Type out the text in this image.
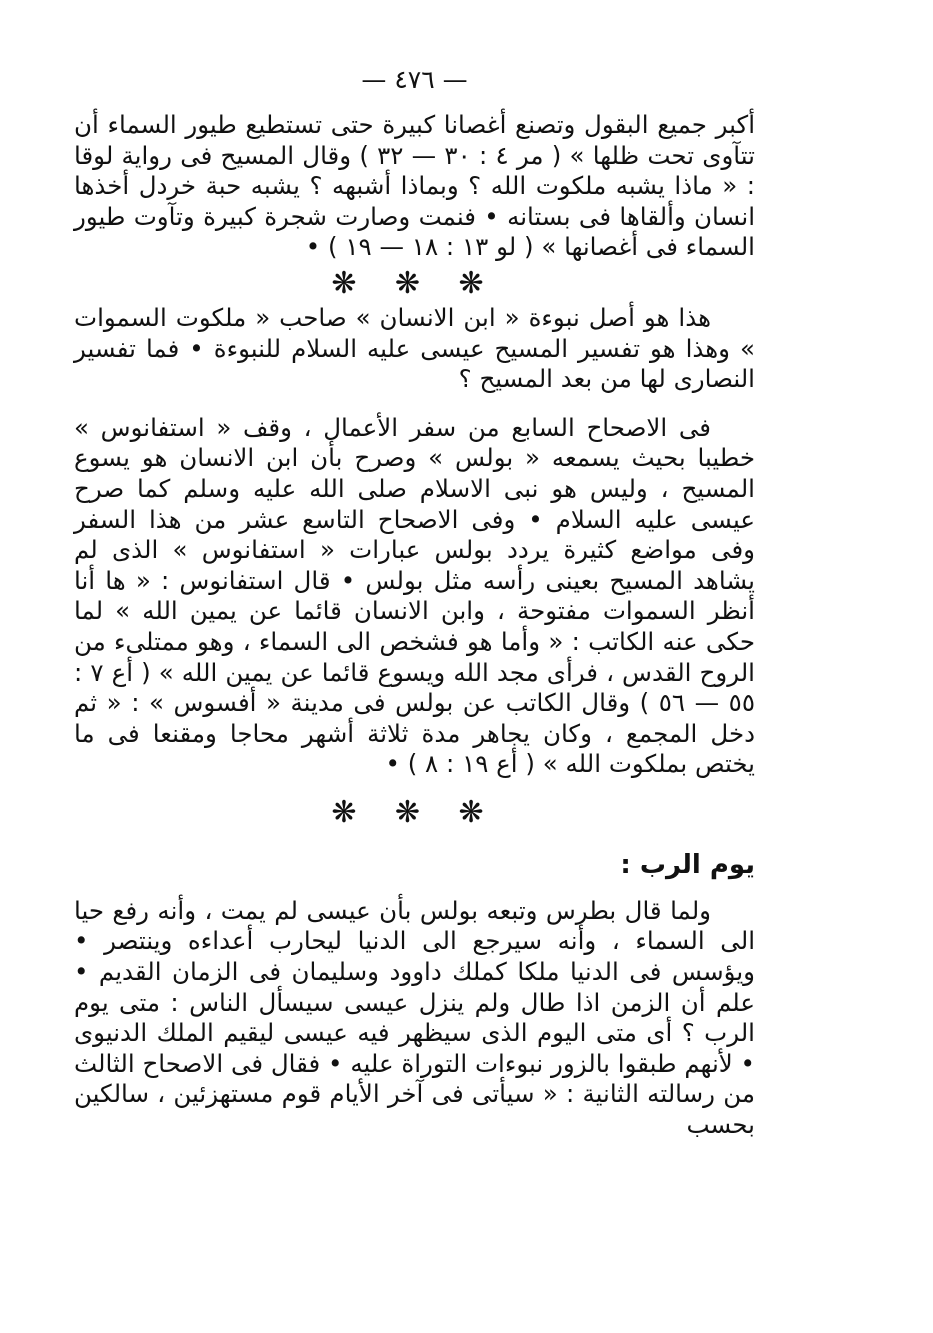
— ٤٧٦ —

أكبر جميع البقول وتصنع أغصانا كبيرة حتى تستطيع طيور السماء أن تتآوى تحت ظلها » ( مر ٤ : ٣٠ — ٣٢ ) وقال المسيح فى رواية لوقا : « ماذا يشبه ملكوت الله ؟ وبماذا أشبهه ؟ يشبه حبة خردل أخذها انسان وألقاها فى بستانه • فنمت وصارت شجرة كبيرة وتآوت طيور السماء فى أغصانها » ( لو ١٣ : ١٨ — ١٩ ) •

❋ ❋ ❋

هذا هو أصل نبوءة « ابن الانسان » صاحب « ملكوت السموات » وهذا هو تفسير المسيح عيسى عليه السلام للنبوءة • فما تفسير النصارى لها من بعد المسيح ؟

فى الاصحاح السابع من سفر الأعمال ، وقف « استفانوس » خطيبا بحيث يسمعه « بولس » وصرح بأن ابن الانسان هو يسوع المسيح ، وليس هو نبى الاسلام صلى الله عليه وسلم كما صرح عيسى عليه السلام • وفى الاصحاح التاسع عشر من هذا السفر وفى مواضع كثيرة يردد بولس عبارات « استفانوس » الذى لم يشاهد المسيح بعينى رأسه مثل بولس • قال استفانوس : « ها أنا أنظر السموات مفتوحة ، وابن الانسان قائما عن يمين الله » لما حكى عنه الكاتب : « وأما هو فشخص الى السماء ، وهو ممتلىء من الروح القدس ، فرأى مجد الله ويسوع قائما عن يمين الله » ( أع ٧ : ٥٥ — ٥٦ ) وقال الكاتب عن بولس فى مدينة « أفسوس » : « ثم دخل المجمع ، وكان يجاهر مدة ثلاثة أشهر محاجا ومقنعا فى ما يختص بملكوت الله » ( أع ١٩ : ٨ ) •

❋ ❋ ❋
يوم الرب :

ولما قال بطرس وتبعه بولس بأن عيسى لم يمت ، وأنه رفع حيا الى السماء ، وأنه سيرجع الى الدنيا ليحارب أعداءه وينتصر • ويؤسس فى الدنيا ملكا كملك داوود وسليمان فى الزمان القديم • علم أن الزمن اذا طال ولم ينزل عيسى سيسأل الناس : متى يوم الرب ؟ أى متى اليوم الذى سيظهر فيه عيسى ليقيم الملك الدنيوى • لأنهم طبقوا بالزور نبوءات التوراة عليه • فقال فى الاصحاح الثالث من رسالته الثانية : « سيأتى فى آخر الأيام قوم مستهزئين ، سالكين بحسب
